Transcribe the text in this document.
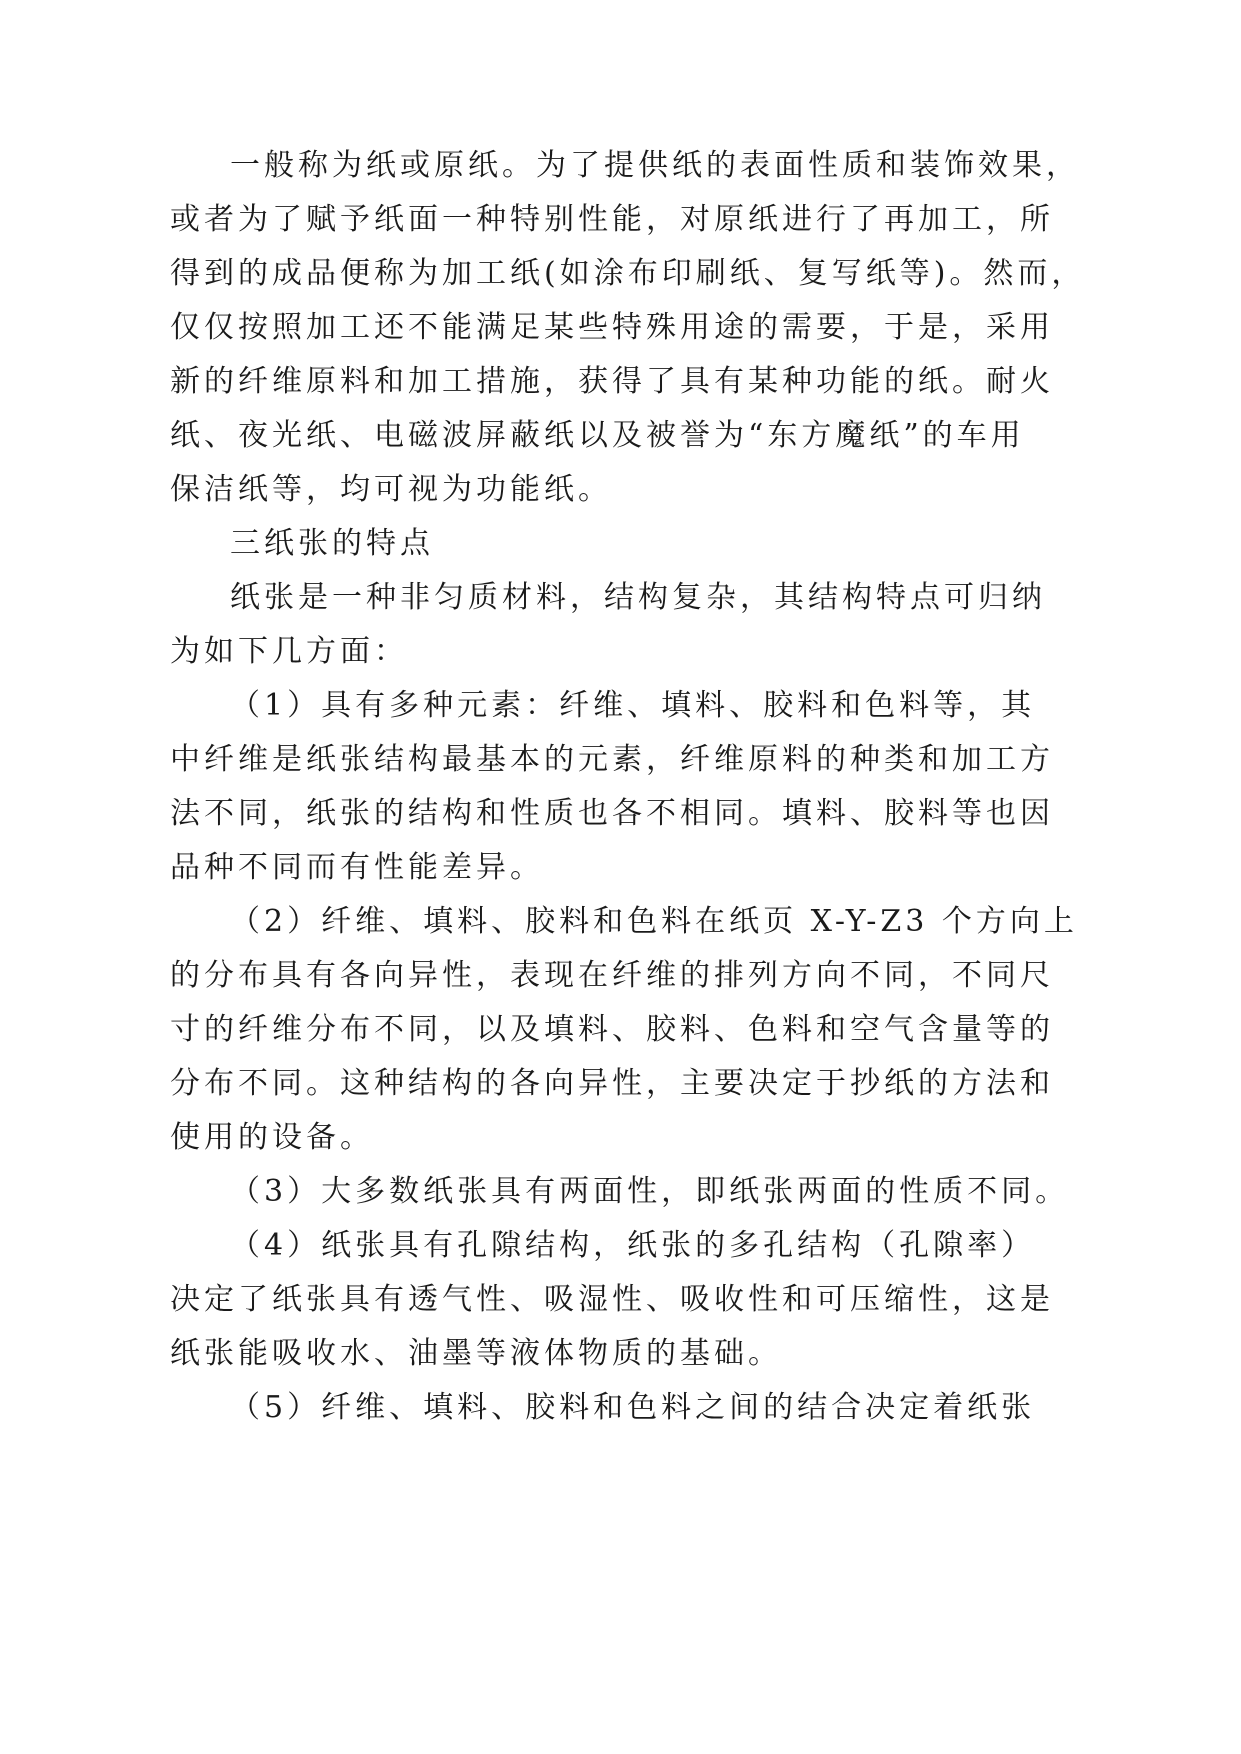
一般称为纸或原纸。为了提供纸的表面性质和装饰效果，
或者为了赋予纸面一种特别性能，对原纸进行了再加工，所
得到的成品便称为加工纸(如涂布印刷纸、复写纸等)。然而，
仅仅按照加工还不能满足某些特殊用途的需要，于是，采用
新的纤维原料和加工措施，获得了具有某种功能的纸。耐火
纸、夜光纸、电磁波屏蔽纸以及被誉为“东方魔纸”的车用
保洁纸等，均可视为功能纸。
三纸张的特点
纸张是一种非匀质材料，结构复杂，其结构特点可归纳
为如下几方面：
（1）具有多种元素：纤维、填料、胶料和色料等，其
中纤维是纸张结构最基本的元素，纤维原料的种类和加工方
法不同，纸张的结构和性质也各不相同。填料、胶料等也因
品种不同而有性能差异。
（2）纤维、填料、胶料和色料在纸页 X-Y-Z3 个方向上
的分布具有各向异性，表现在纤维的排列方向不同，不同尺
寸的纤维分布不同，以及填料、胶料、色料和空气含量等的
分布不同。这种结构的各向异性，主要决定于抄纸的方法和
使用的设备。
（3）大多数纸张具有两面性，即纸张两面的性质不同。
（4）纸张具有孔隙结构，纸张的多孔结构（孔隙率）
决定了纸张具有透气性、吸湿性、吸收性和可压缩性，这是
纸张能吸收水、油墨等液体物质的基础。
（5）纤维、填料、胶料和色料之间的结合决定着纸张
